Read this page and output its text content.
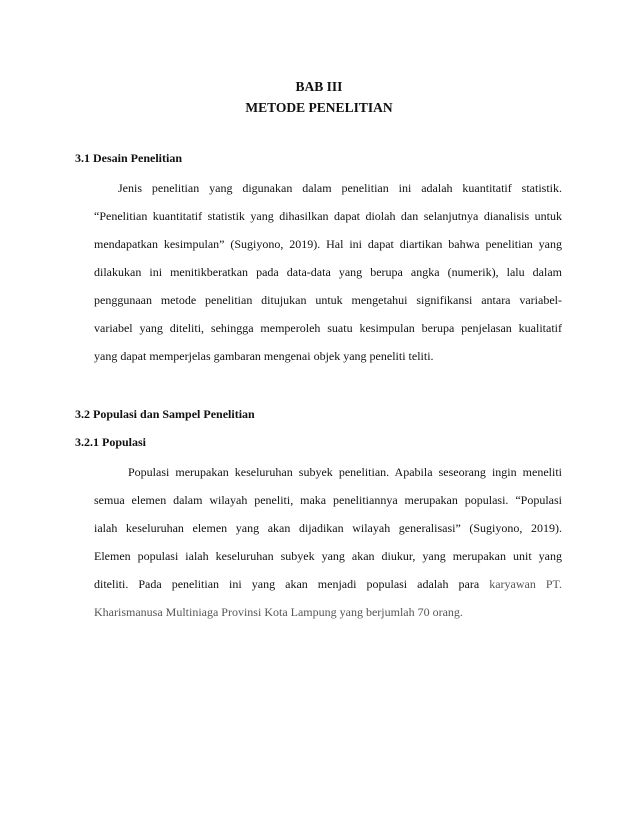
BAB III
METODE PENELITIAN
3.1 Desain Penelitian
Jenis penelitian yang digunakan dalam penelitian ini adalah kuantitatif statistik.
“Penelitian kuantitatif statistik yang dihasilkan dapat diolah dan selanjutnya dianalisis untuk
mendapatkan kesimpulan” (Sugiyono, 2019). Hal ini dapat diartikan bahwa penelitian yang
dilakukan ini menitikberatkan pada data-data yang berupa angka (numerik), lalu dalam
penggunaan metode penelitian ditujukan untuk mengetahui signifikansi antara variabel-
variabel yang diteliti, sehingga memperoleh suatu kesimpulan berupa penjelasan kualitatif
yang dapat memperjelas gambaran mengenai objek yang peneliti teliti.
3.2 Populasi dan Sampel Penelitian
3.2.1 Populasi
Populasi merupakan keseluruhan subyek penelitian. Apabila seseorang ingin meneliti
semua elemen dalam wilayah peneliti, maka penelitiannya merupakan populasi. “Populasi
ialah keseluruhan elemen yang akan dijadikan wilayah generalisasi” (Sugiyono, 2019).
Elemen populasi ialah keseluruhan subyek yang akan diukur, yang merupakan unit yang
diteliti. Pada penelitian ini yang akan menjadi populasi adalah para karyawan PT.
Kharismanusa Multiniaga Provinsi Kota Lampung yang berjumlah 70 orang.
